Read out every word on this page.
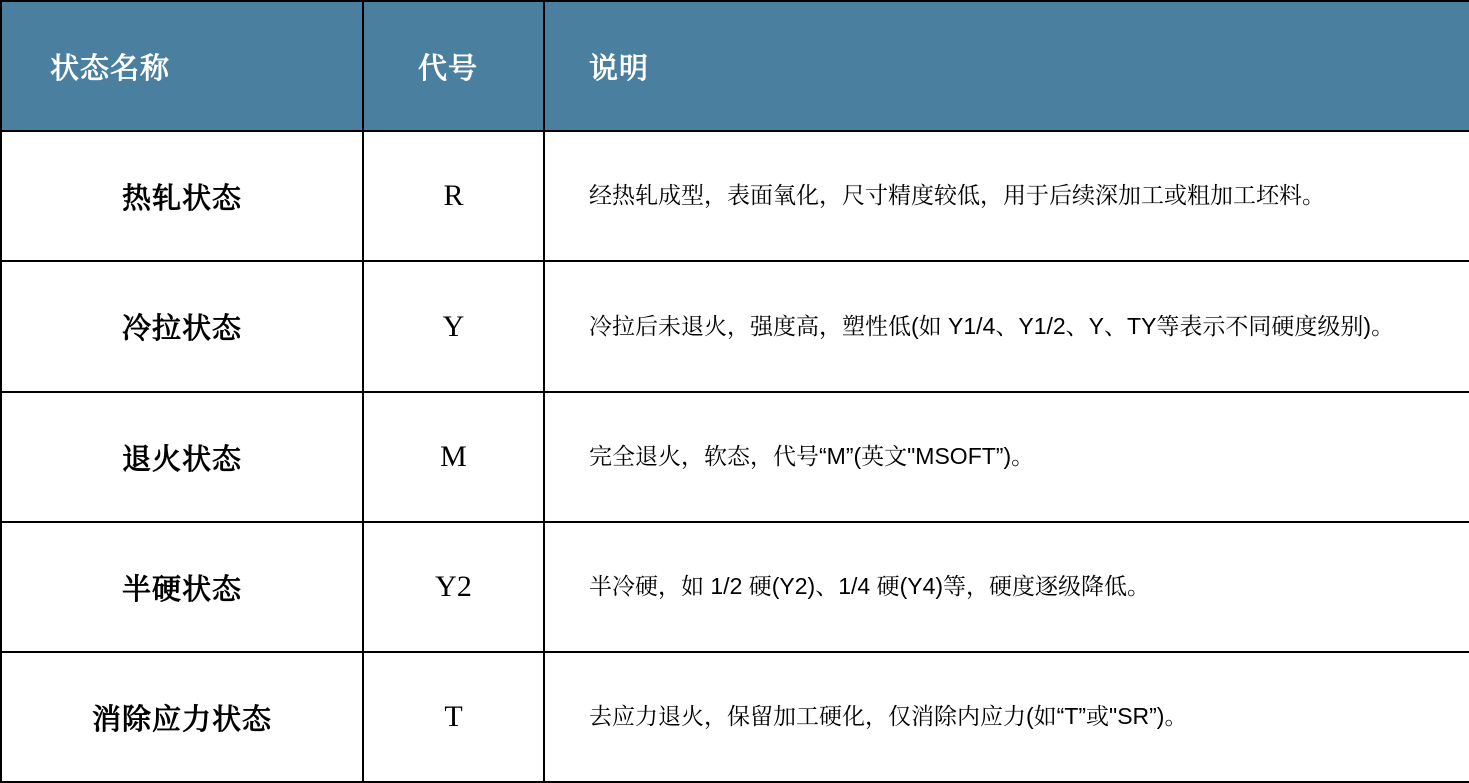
状态名称	代号	说明
热轧状态	R	经热轧成型，表面氧化，尺寸精度较低，用于后续深加工或粗加工坯料。
冷拉状态	Y	冷拉后未退火，强度高，塑性低(如 Y1/4、Y1/2、Y、TY等表示不同硬度级别)。
退火状态	M	完全退火，软态，代号“M”(英文"MSOFT”)。
半硬状态	Y2	半冷硬，如 1/2 硬(Y2)、1/4 硬(Y4)等，硬度逐级降低。
消除应力状态	T	去应力退火，保留加工硬化，仅消除内应力(如“T”或"SR”)。
